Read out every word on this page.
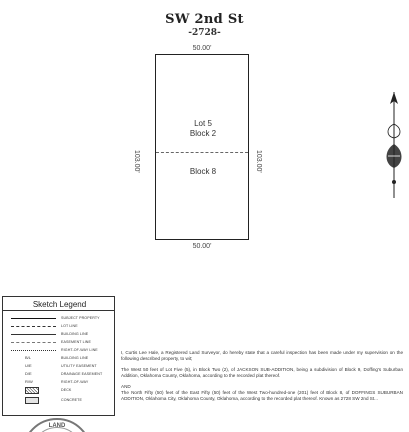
SW 2nd St
-2728-
50.00'
Lot 5
Block 2
Block 8
103.00'	103.00'
50.00'
Sketch Legend
SUBJECT PROPERTY
LOT LINE
BUILDING LINE
EASEMENT LINE
RIGHT-OF-WAY LINE
B/L	BUILDING LINE
U/E	UTILITY EASEMENT
D/E	DRAINAGE EASEMENT
R/W	RIGHT-OF-WAY
DECK
CONCRETE

I, Curtis Lee Hale, a Registered Land Surveyor, do hereby state that a careful inspection has been made under my supervision on the following described property, to wit;

The West 50 feet of Lot Five (5), in Block Two (2), of JACKSON SUB-ADDITION, being a subdivision of Block 9, Doffing's Suburban Addition, Oklahoma County, Oklahoma, according to the recorded plat thereof.

AND

The North Fifty (50) feet of the East Fifty (50) feet of the West Two-hundred-one (201) feet of Block 8, of DOFFINGS SUBURBAN ADDITION, Oklahoma City, Oklahoma County, Oklahoma, according to the recorded plat thereof. Known as 2728 SW 2nd St...

LAND
